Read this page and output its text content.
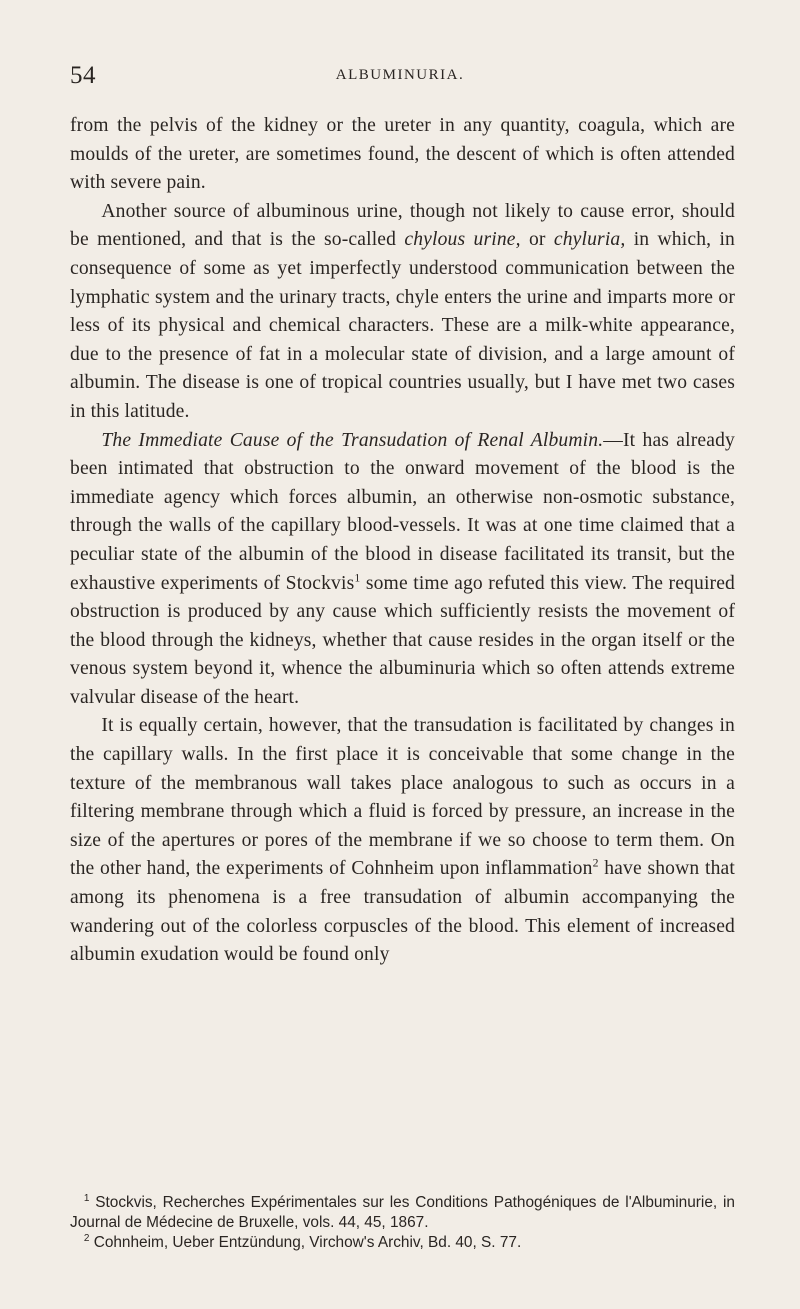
54	ALBUMINURIA.

from the pelvis of the kidney or the ureter in any quantity, coagula, which are moulds of the ureter, are sometimes found, the descent of which is often attended with severe pain.

Another source of albuminous urine, though not likely to cause error, should be mentioned, and that is the so-called chylous urine, or chyluria, in which, in consequence of some as yet imperfectly understood communication between the lymphatic system and the urinary tracts, chyle enters the urine and imparts more or less of its physical and chemical characters. These are a milk-white appearance, due to the presence of fat in a molecular state of division, and a large amount of albumin. The disease is one of tropical countries usually, but I have met two cases in this latitude.

The Immediate Cause of the Transudation of Renal Albumin.—It has already been intimated that obstruction to the onward movement of the blood is the immediate agency which forces albumin, an otherwise non-osmotic substance, through the walls of the capillary blood-vessels. It was at one time claimed that a peculiar state of the albumin of the blood in disease facilitated its transit, but the exhaustive experiments of Stockvis$^1$ some time ago refuted this view. The required obstruction is produced by any cause which sufficiently resists the movement of the blood through the kidneys, whether that cause resides in the organ itself or the venous system beyond it, whence the albuminuria which so often attends extreme valvular disease of the heart.

It is equally certain, however, that the transudation is facilitated by changes in the capillary walls. In the first place it is conceivable that some change in the texture of the membranous wall takes place analogous to such as occurs in a filtering membrane through which a fluid is forced by pressure, an increase in the size of the apertures or pores of the membrane if we so choose to term them. On the other hand, the experiments of Cohnheim upon inflammation$^2$ have shown that among its phenomena is a free transudation of albumin accompanying the wandering out of the colorless corpuscles of the blood. This element of increased albumin exudation would be found only

$^1$ Stockvis, Recherches Expérimentales sur les Conditions Pathogéniques de l'Albuminurie, in Journal de Médecine de Bruxelle, vols. 44, 45, 1867.

$^2$ Cohnheim, Ueber Entzündung, Virchow's Archiv, Bd. 40, S. 77.
